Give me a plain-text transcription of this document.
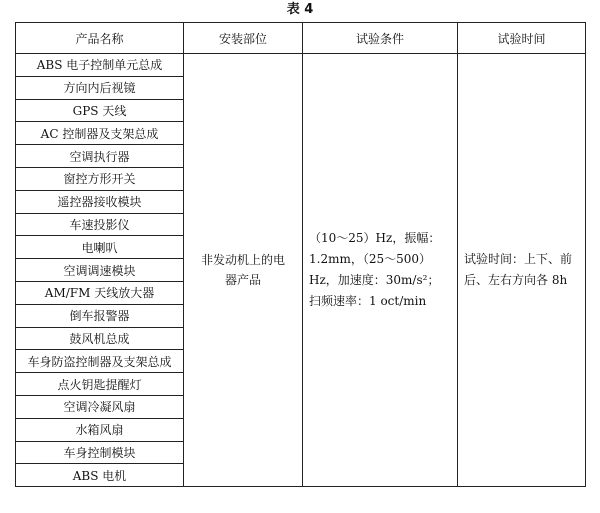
表 4
产品名称	安装部位	试验条件	试验时间
ABS 电子控制单元总成	非发动机上的电器产品	（10～25）Hz，振幅：1.2mm，（25～500）Hz，加速度：30m/s²；扫频速率：1 oct/min	试验时间：上下、前后、左右方向各 8h

方向内后视镜			
GPS 天线			
AC 控制器及支架总成			
空调执行器			
窗控方形开关			
遥控器接收模块			
车速投影仪			
电喇叭			
空调调速模块			
AM/FM 天线放大器			
倒车报警器			
鼓风机总成			
车身防盗控制器及支架总成			
点火钥匙提醒灯			
空调冷凝风扇			
水箱风扇			
车身控制模块			
ABS 电机			
